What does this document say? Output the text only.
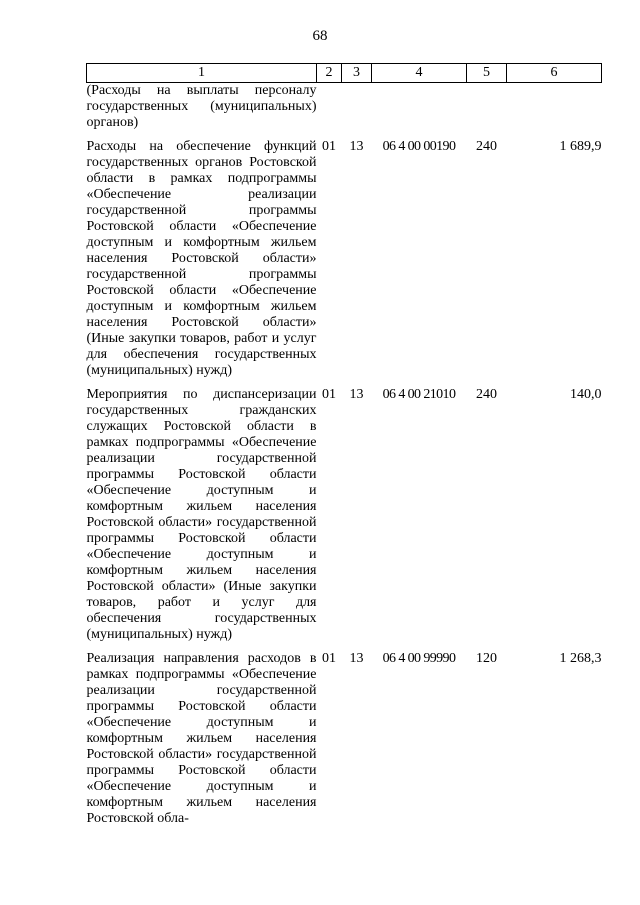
68
1	2	3	4	5	6
(Расходы на выплаты персоналу государственных (муниципальных) органов)					
Расходы на обеспечение функций государственных органов Ростовской области в рамках подпрограммы «Обеспечение реализации государственной программы Ростовской области «Обеспечение доступным и комфортным жильем населения Ростовской области» государственной программы Ростовской области «Обеспечение доступным и комфортным жильем населения Ростовской области» (Иные закупки товаров, работ и услуг для обеспечения государственных (муниципальных) нужд)	01	13	06 4 00 00190	240	1 689,9
Мероприятия по диспансеризации государственных гражданских служащих Ростовской области в рамках подпрограммы «Обеспечение реализации государственной программы Ростовской области «Обеспечение доступным и комфортным жильем населения Ростовской области» государственной программы Ростовской области «Обеспечение доступным и комфортным жильем населения Ростовской области» (Иные закупки товаров, работ и услуг для обеспечения государственных (муниципальных) нужд)	01	13	06 4 00 21010	240	140,0
Реализация направления расходов в рамках подпрограммы «Обеспечение реализации государственной программы Ростовской области «Обеспечение доступным и комфортным жильем населения Ростовской области» государственной программы Ростовской области «Обеспечение доступным и комфортным жильем населения Ростовской обла-	01	13	06 4 00 99990	120	1 268,3
